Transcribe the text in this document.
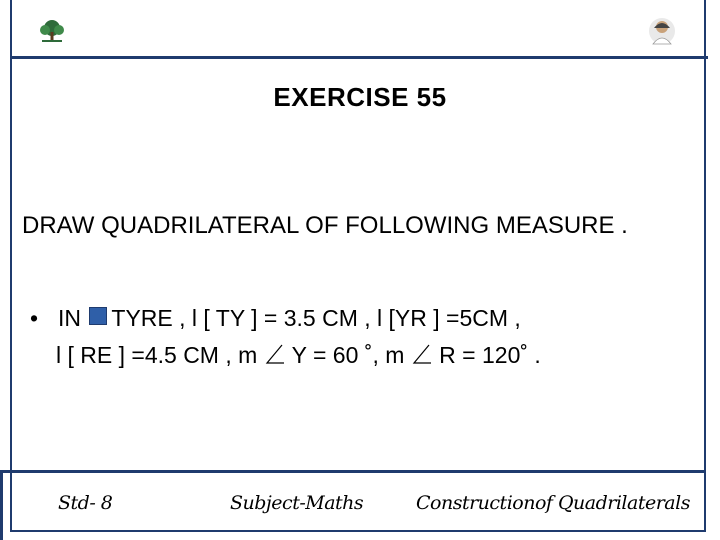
EXERCISE 55
DRAW QUADRILATERAL OF FOLLOWING MEASURE .
• IN TYRE , l [ TY ] = 3.5 CM , l [YR ] =5CM ,
l [ RE ] =4.5 CM , m Y = 60 ˚, m R = 120˚ .
Std- 8	Subject-Maths	Constructionof Quadrilaterals
